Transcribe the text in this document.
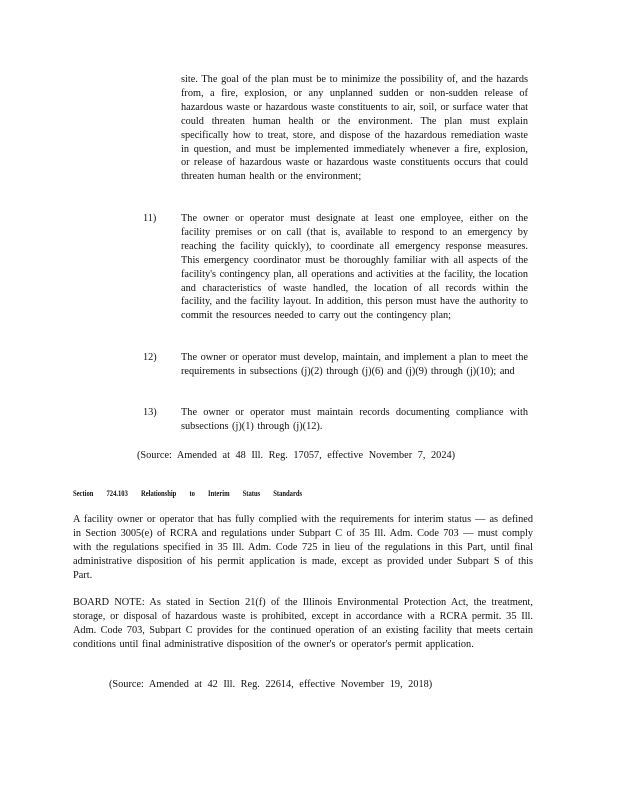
site. The goal of the plan must be to minimize the possibility of, and the hazards from, a fire, explosion, or any unplanned sudden or non-sudden release of hazardous waste or hazardous waste constituents to air, soil, or surface water that could threaten human health or the environment. The plan must explain specifically how to treat, store, and dispose of the hazardous remediation waste in question, and must be implemented immediately whenever a fire, explosion, or release of hazardous waste or hazardous waste constituents occurs that could threaten human health or the environment;
11)	The owner or operator must designate at least one employee, either on the facility premises or on call (that is, available to respond to an emergency by reaching the facility quickly), to coordinate all emergency response measures. This emergency coordinator must be thoroughly familiar with all aspects of the facility's contingency plan, all operations and activities at the facility, the location and characteristics of waste handled, the location of all records within the facility, and the facility layout. In addition, this person must have the authority to commit the resources needed to carry out the contingency plan;
12)	The owner or operator must develop, maintain, and implement a plan to meet the requirements in subsections (j)(2) through (j)(6) and (j)(9) through (j)(10); and
13)	The owner or operator must maintain records documenting compliance with subsections (j)(1) through (j)(12).
(Source: Amended at 48 Ill. Reg. 17057, effective November 7, 2024)
Section 724.103 Relationship to Interim Status Standards
A facility owner or operator that has fully complied with the requirements for interim status — as defined in Section 3005(e) of RCRA and regulations under Subpart C of 35 Ill. Adm. Code 703 — must comply with the regulations specified in 35 Ill. Adm. Code 725 in lieu of the regulations in this Part, until final administrative disposition of his permit application is made, except as provided under Subpart S of this Part.
BOARD NOTE: As stated in Section 21(f) of the Illinois Environmental Protection Act, the treatment, storage, or disposal of hazardous waste is prohibited, except in accordance with a RCRA permit. 35 Ill. Adm. Code 703, Subpart C provides for the continued operation of an existing facility that meets certain conditions until final administrative disposition of the owner's or operator's permit application.
(Source: Amended at 42 Ill. Reg. 22614, effective November 19, 2018)
